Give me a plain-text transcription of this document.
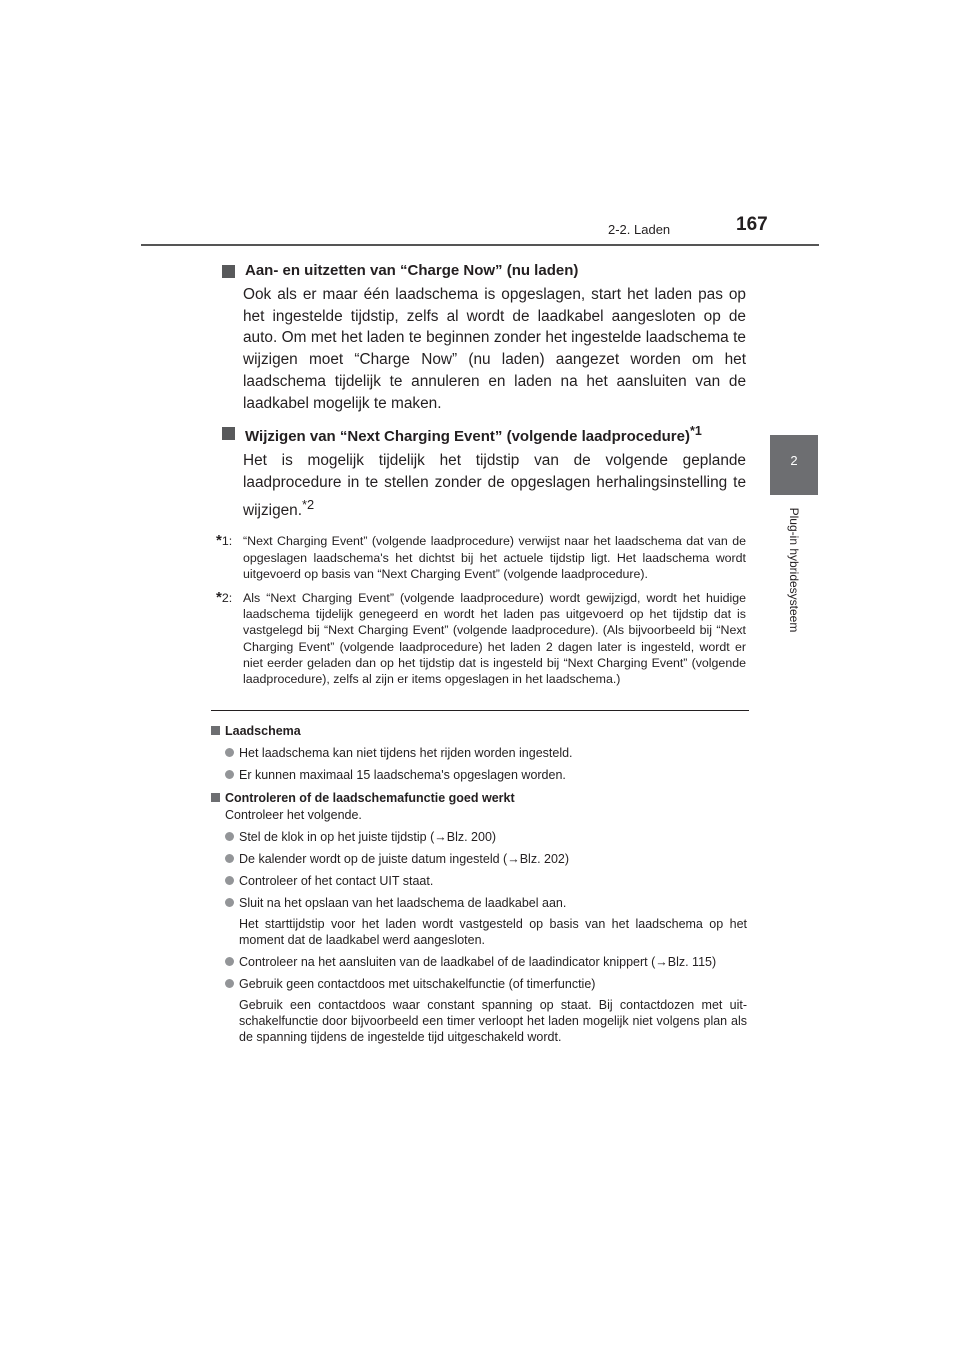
2-2. Laden	167
2
Plug-in hybridesysteem
Aan- en uitzetten van “Charge Now” (nu laden)
Ook als er maar één laadschema is opgeslagen, start het laden pas op het ingestelde tijdstip, zelfs al wordt de laadkabel aangesloten op de auto. Om met het laden te beginnen zonder het ingestelde laadschema te wijzigen moet “Charge Now” (nu laden) aangezet worden om het laadschema tijdelijk te annuleren en laden na het aansluiten van de laadkabel mogelijk te maken.
Wijzigen van “Next Charging Event” (volgende laadprocedure)$^{*1}$
Het is mogelijk tijdelijk het tijdstip van de volgende geplande laadprocedure in te stellen zonder de opgeslagen herhalingsinstelling te wijzigen.$^{*2}$
*1: “Next Charging Event” (volgende laadprocedure) verwijst naar het laadschema dat van de opgeslagen laadschema's het dichtst bij het actuele tijdstip ligt. Het laadschema wordt uitgevoerd op basis van “Next Charging Event” (volgende laadprocedure).
*2: Als “Next Charging Event” (volgende laadprocedure) wordt gewijzigd, wordt het huidige laadschema tijdelijk genegeerd en wordt het laden pas uitgevoerd op het tijdstip dat is vastgelegd bij “Next Charging Event” (volgende laadprocedure). (Als bijvoorbeeld bij “Next Charging Event” (volgende laadprocedure) het laden 2 dagen later is ingesteld, wordt er niet eerder geladen dan op het tijdstip dat is ingesteld bij “Next Charging Event” (volgende laadprocedure), zelfs al zijn er items opgeslagen in het laadschema.)
Laadschema
Het laadschema kan niet tijdens het rijden worden ingesteld.
Er kunnen maximaal 15 laadschema's opgeslagen worden.
Controleren of de laadschemafunctie goed werkt
Controleer het volgende.
Stel de klok in op het juiste tijdstip (→Blz. 200)
De kalender wordt op de juiste datum ingesteld (→Blz. 202)
Controleer of het contact UIT staat.
Sluit na het opslaan van het laadschema de laadkabel aan.
Het starttijdstip voor het laden wordt vastgesteld op basis van het laadschema op het moment dat de laadkabel werd aangesloten.
Controleer na het aansluiten van de laadkabel of de laadindicator knippert (→Blz. 115)
Gebruik geen contactdoos met uitschakelfunctie (of timerfunctie)
Gebruik een contactdoos waar constant spanning op staat. Bij contactdozen met uit-schakelfunctie door bijvoorbeeld een timer verloopt het laden mogelijk niet volgens plan als de spanning tijdens de ingestelde tijd uitgeschakeld wordt.
